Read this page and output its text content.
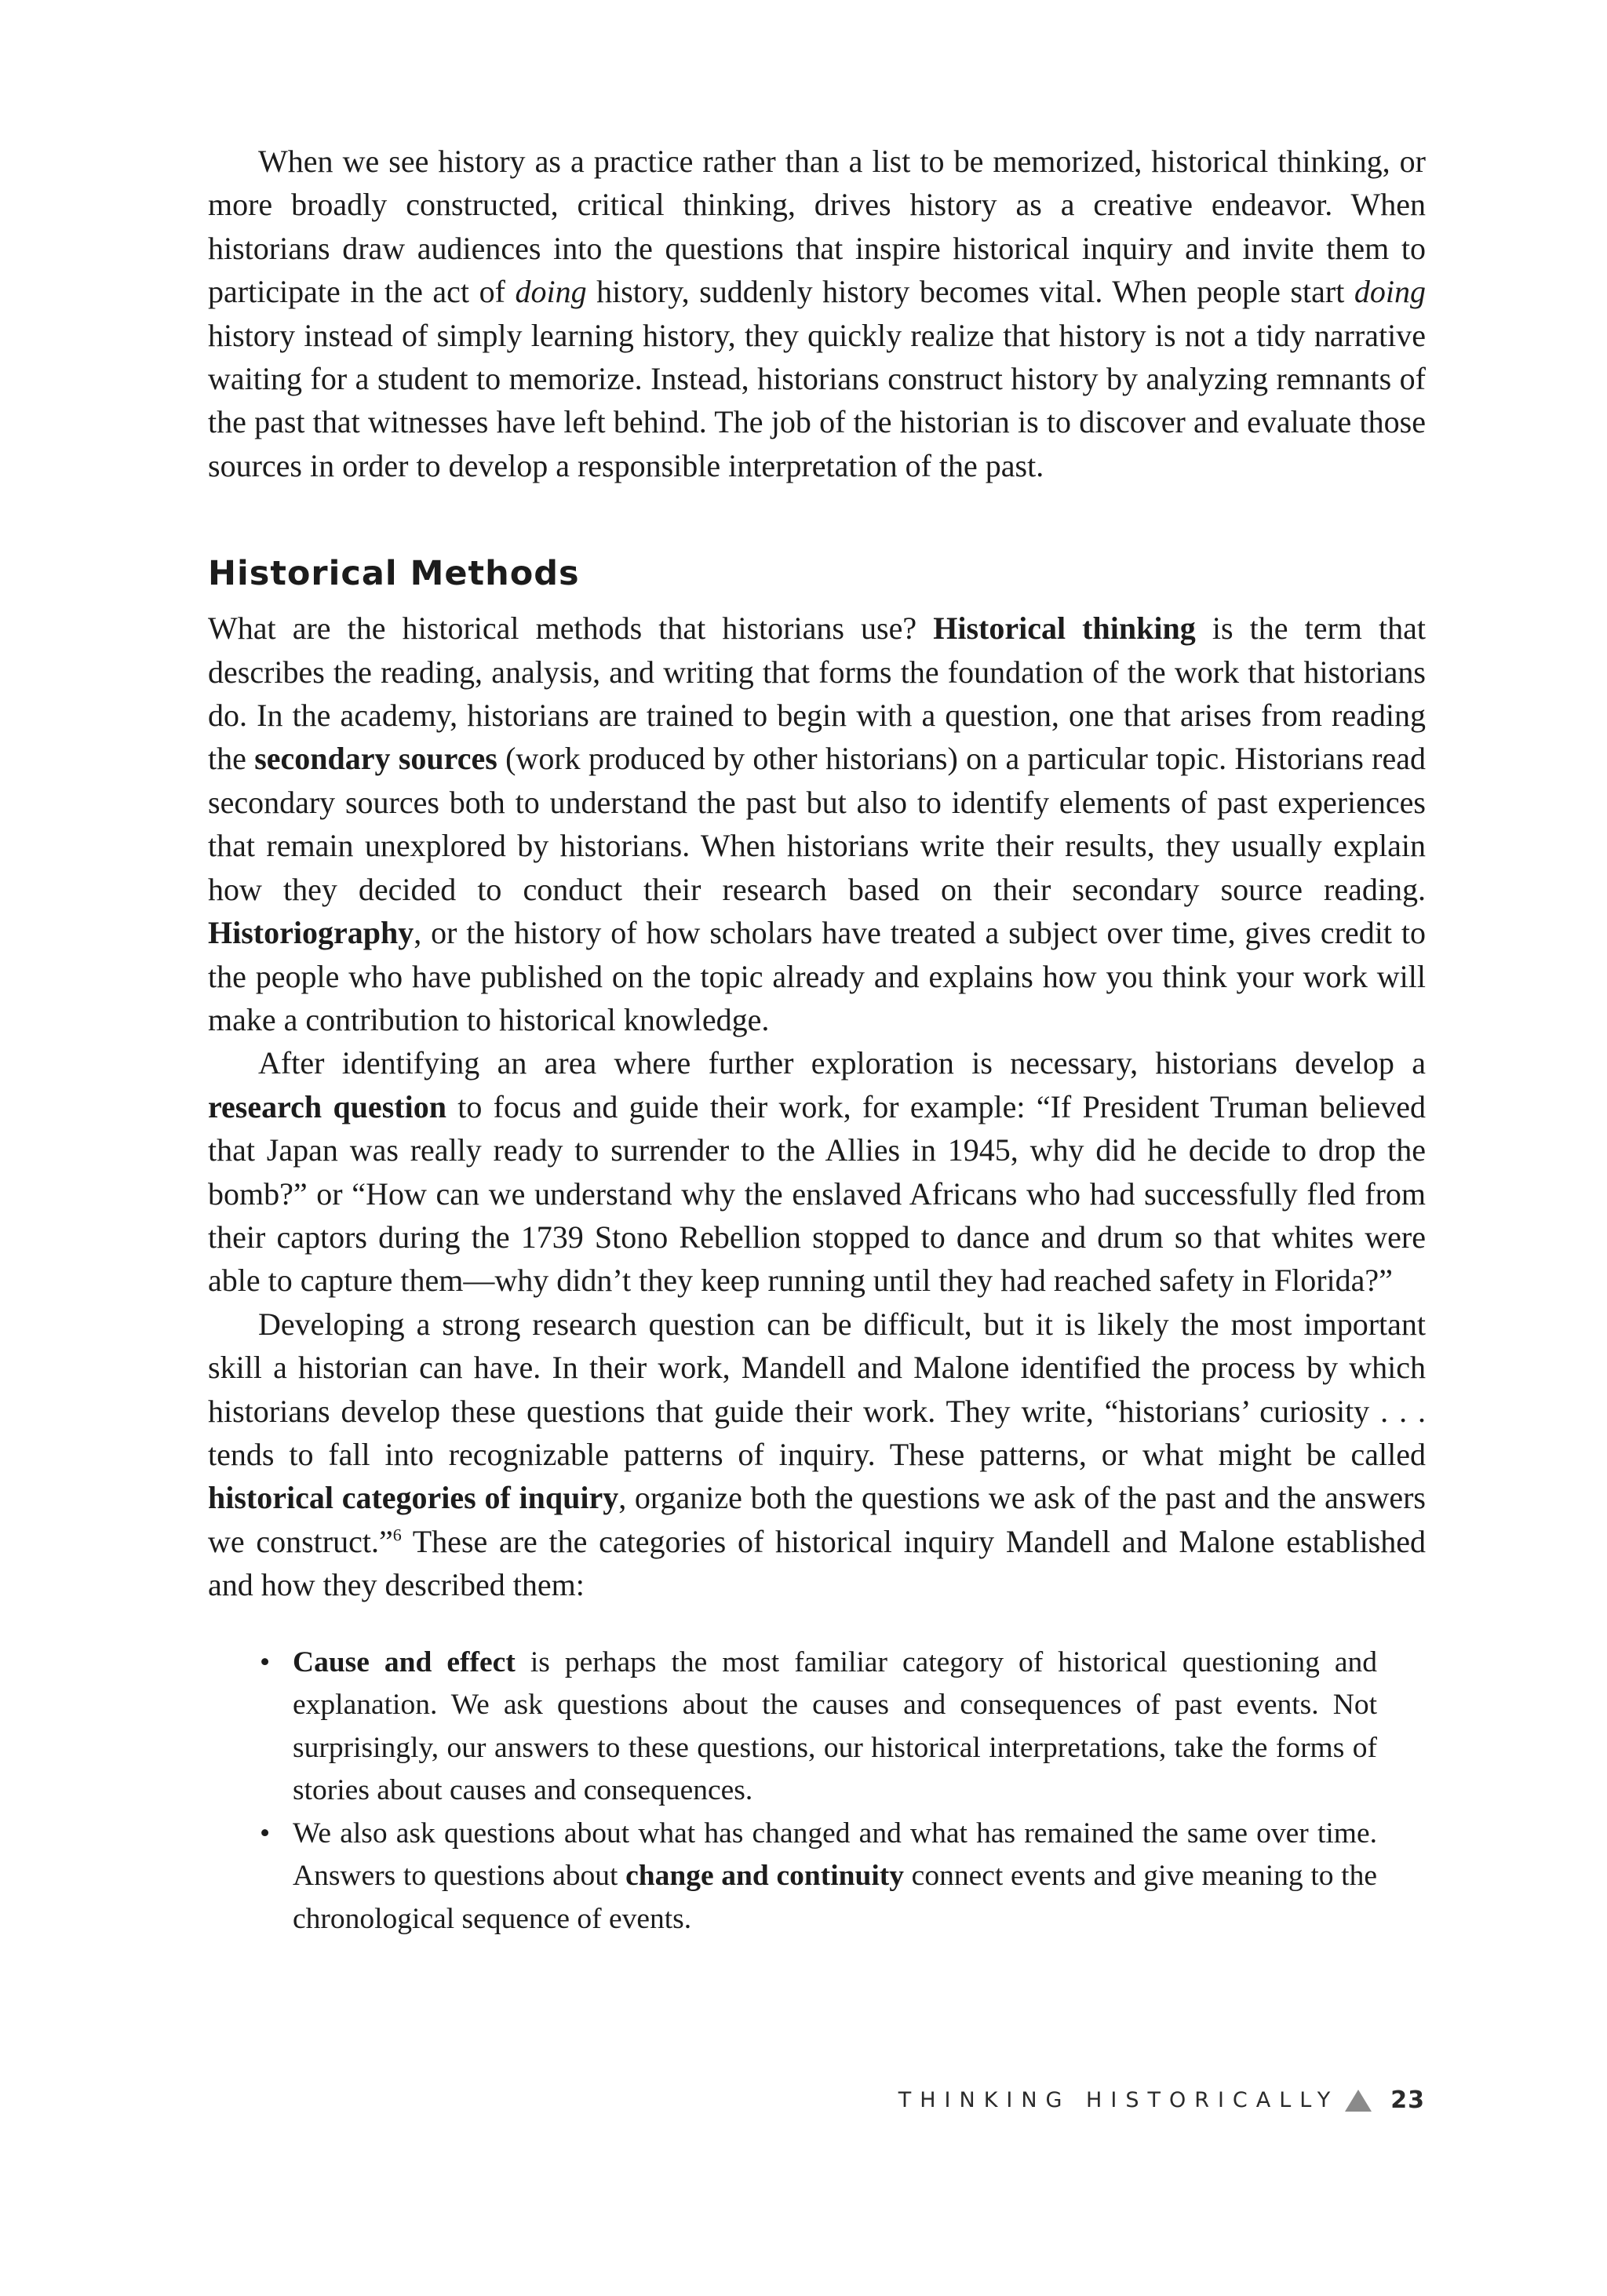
When we see history as a practice rather than a list to be memorized, historical thinking, or more broadly constructed, critical thinking, drives history as a creative endeavor. When historians draw audiences into the questions that inspire historical inquiry and invite them to participate in the act of doing history, suddenly history becomes vital. When people start doing history instead of simply learning history, they quickly realize that history is not a tidy narrative waiting for a student to memorize. Instead, historians construct history by analyzing remnants of the past that witnesses have left behind. The job of the historian is to discover and evaluate those sources in order to develop a responsible interpretation of the past.

Historical Methods

What are the historical methods that historians use? Historical thinking is the term that describes the reading, analysis, and writing that forms the foundation of the work that historians do. In the academy, historians are trained to begin with a question, one that arises from reading the secondary sources (work produced by other historians) on a particular topic. Historians read secondary sources both to understand the past but also to identify elements of past experiences that remain unexplored by historians. When historians write their results, they usually explain how they decided to conduct their research based on their secondary source reading. Historiography, or the history of how scholars have treated a subject over time, gives credit to the people who have published on the topic already and explains how you think your work will make a contribution to historical knowledge.

After identifying an area where further exploration is necessary, historians develop a research question to focus and guide their work, for example: “If President Truman believed that Japan was really ready to surrender to the Allies in 1945, why did he decide to drop the bomb?” or “How can we understand why the enslaved Africans who had successfully fled from their captors during the 1739 Stono Rebellion stopped to dance and drum so that whites were able to capture them—why didn’t they keep running until they had reached safety in Florida?”

Developing a strong research question can be difficult, but it is likely the most important skill a historian can have. In their work, Mandell and Malone identified the process by which historians develop these questions that guide their work. They write, “historians’ curiosity . . . tends to fall into recognizable patterns of inquiry. These patterns, or what might be called historical categories of inquiry, organize both the questions we ask of the past and the answers we construct.”$^6$ These are the categories of historical inquiry Mandell and Malone established and how they described them:

• Cause and effect is perhaps the most familiar category of historical questioning and explanation. We ask questions about the causes and consequences of past events. Not surprisingly, our answers to these questions, our historical interpretations, take the forms of stories about causes and consequences.
• We also ask questions about what has changed and what has remained the same over time. Answers to questions about change and continuity connect events and give meaning to the chronological sequence of events.
THINKING HISTORICALLY 23
